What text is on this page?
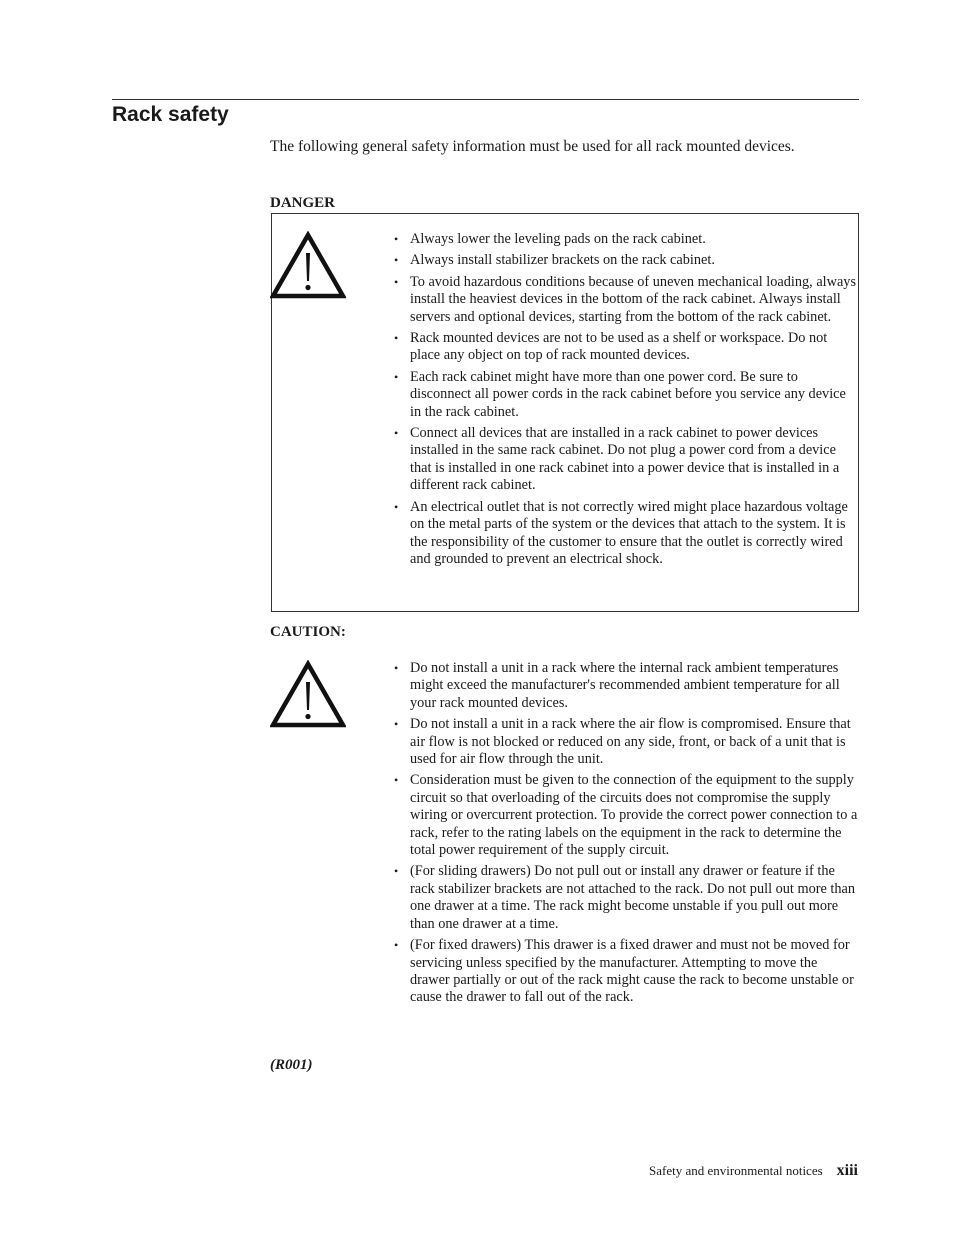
Rack safety

The following general safety information must be used for all rack mounted devices.

DANGER
• Always lower the leveling pads on the rack cabinet.
• Always install stabilizer brackets on the rack cabinet.
• To avoid hazardous conditions because of uneven mechanical loading, always install the heaviest devices in the bottom of the rack cabinet. Always install servers and optional devices, starting from the bottom of the rack cabinet.
• Rack mounted devices are not to be used as a shelf or workspace. Do not place any object on top of rack mounted devices.
• Each rack cabinet might have more than one power cord. Be sure to disconnect all power cords in the rack cabinet before you service any device in the rack cabinet.
• Connect all devices that are installed in a rack cabinet to power devices installed in the same rack cabinet. Do not plug a power cord from a device that is installed in one rack cabinet into a power device that is installed in a different rack cabinet.
• An electrical outlet that is not correctly wired might place hazardous voltage on the metal parts of the system or the devices that attach to the system. It is the responsibility of the customer to ensure that the outlet is correctly wired and grounded to prevent an electrical shock.
CAUTION:
• Do not install a unit in a rack where the internal rack ambient temperatures might exceed the manufacturer's recommended ambient temperature for all your rack mounted devices.
• Do not install a unit in a rack where the air flow is compromised. Ensure that air flow is not blocked or reduced on any side, front, or back of a unit that is used for air flow through the unit.
• Consideration must be given to the connection of the equipment to the supply circuit so that overloading of the circuits does not compromise the supply wiring or overcurrent protection. To provide the correct power connection to a rack, refer to the rating labels on the equipment in the rack to determine the total power requirement of the supply circuit.
• (For sliding drawers) Do not pull out or install any drawer or feature if the rack stabilizer brackets are not attached to the rack. Do not pull out more than one drawer at a time. The rack might become unstable if you pull out more than one drawer at a time.
• (For fixed drawers) This drawer is a fixed drawer and must not be moved for servicing unless specified by the manufacturer. Attempting to move the drawer partially or out of the rack might cause the rack to become unstable or cause the drawer to fall out of the rack.
(R001)
Safety and environmental notices xiii
